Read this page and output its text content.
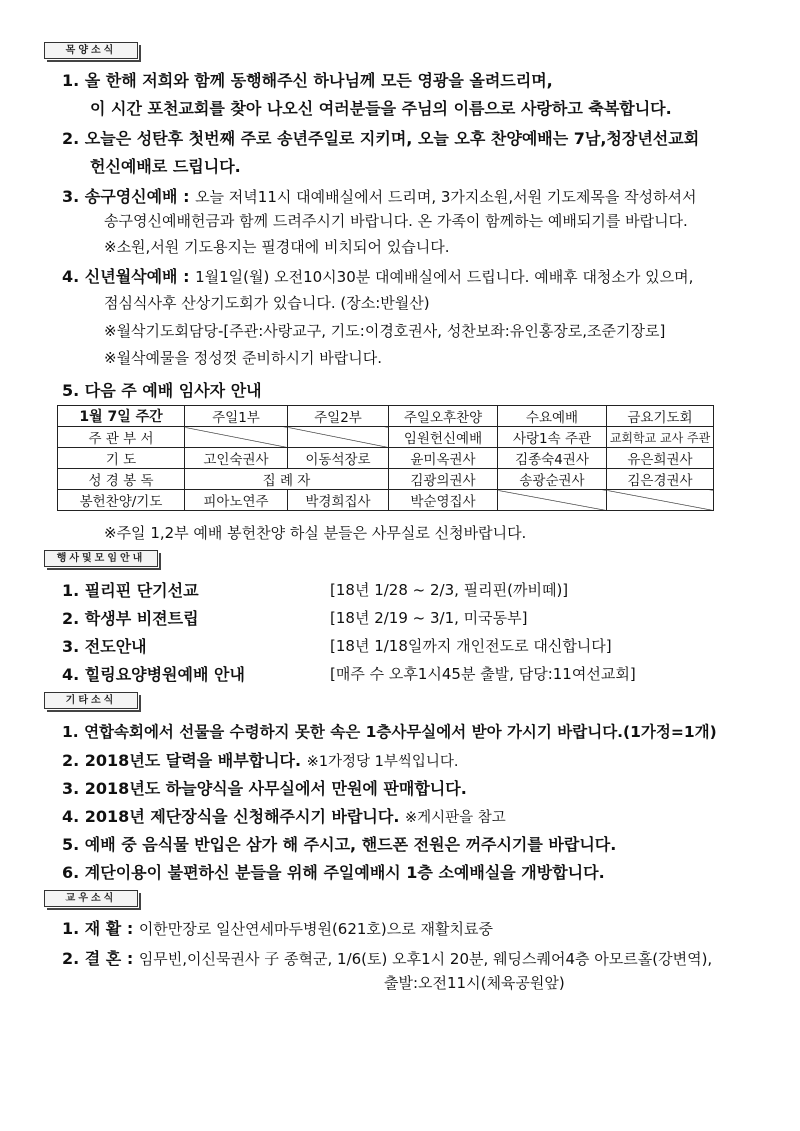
목양소식
1. 올 한해 저희와 함께 동행해주신 하나님께 모든 영광을 올려드리며,
이 시간 포천교회를 찾아 나오신 여러분들을 주님의 이름으로 사랑하고 축복합니다.
2. 오늘은 성탄후 첫번째 주로 송년주일로 지키며, 오늘 오후 찬양예배는 7남,청장년선교회
헌신예배로 드립니다.
3. 송구영신예배 : 오늘 저녁11시 대예배실에서 드리며, 3가지소원,서원 기도제목을 작성하셔서
송구영신예배헌금과 함께 드려주시기 바랍니다. 온 가족이 함께하는 예배되기를 바랍니다.
※소원,서원 기도용지는 필경대에 비치되어 있습니다.
4. 신년월삭예배 : 1월1일(월) 오전10시30분 대예배실에서 드립니다. 예배후 대청소가 있으며,
점심식사후 산상기도회가 있습니다. (장소:반월산)
※월삭기도회담당-[주관:사랑교구, 기도:이경호권사, 성찬보좌:유인홍장로,조준기장로]
※월삭예물을 정성껏 준비하시기 바랍니다.
5. 다음 주 예배 임사자 안내
1월 7일 주간	주일1부	주일2부	주일오후찬양	수요예배	금요기도회
주 관 부 서			임원헌신예배	사랑1속 주관	교회학교 교사 주관
기 도	고인숙권사	이동석장로	윤미옥권사	김종숙4권사	유은희권사
성 경 봉 독	집 례 자		김광의권사	송광순권사	김은경권사
봉헌찬양/기도	피아노연주	박경희집사	박순영집사		
※주일 1,2부 예배 봉헌찬양 하실 분들은 사무실로 신청바랍니다.
행사및모임안내
1. 필리핀 단기선교	[18년 1/28 ~ 2/3, 필리핀(까비떼)]
2. 학생부 비젼트립	[18년 2/19 ~ 3/1, 미국동부]
3. 전도안내	[18년 1/18일까지 개인전도로 대신합니다]
4. 힐링요양병원예배 안내	[매주 수 오후1시45분 출발, 담당:11여선교회]
기타소식
1. 연합속회에서 선물을 수령하지 못한 속은 1층사무실에서 받아 가시기 바랍니다.(1가정=1개)
2. 2018년도 달력을 배부합니다. ※1가정당 1부씩입니다.
3. 2018년도 하늘양식을 사무실에서 만원에 판매합니다.
4. 2018년 제단장식을 신청해주시기 바랍니다. ※게시판을 참고
5. 예배 중 음식물 반입은 삼가 해 주시고, 핸드폰 전원은 꺼주시기를 바랍니다.
6. 계단이용이 불편하신 분들을 위해 주일예배시 1층 소예배실을 개방합니다.
교우소식
1. 재 활 : 이한만장로 일산연세마두병원(621호)으로 재활치료중
2. 결 혼 : 임무빈,이신묵권사 子 종혁군, 1/6(토) 오후1시 20분, 웨딩스퀘어4층 아모르홀(강변역),
출발:오전11시(체육공원앞)
